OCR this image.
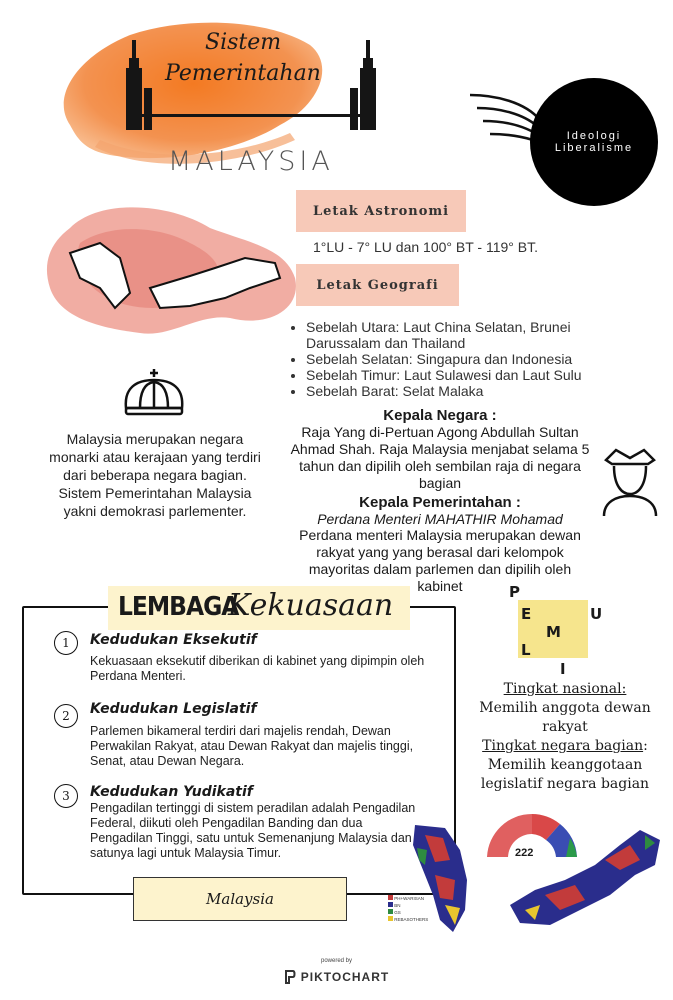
Sistem
Pemerintahan
MALAYSIA
Ideologi
Liberalisme
Letak Astronomi
1°LU - 7° LU dan 100° BT - 119° BT.
Letak Geografi
• Sebelah Utara: Laut China Selatan, Brunei Darussalam dan Thailand
• Sebelah Selatan: Singapura dan Indonesia
• Sebelah Timur: Laut Sulawesi dan Laut Sulu
• Sebelah Barat: Selat Malaka
Malaysia merupakan negara monarki atau kerajaan yang terdiri dari beberapa negara bagian. Sistem Pemerintahan Malaysia yakni demokrasi parlementer.
Kepala Negara :
Raja Yang di-Pertuan Agong Abdullah Sultan Ahmad Shah. Raja Malaysia menjabat selama 5 tahun dan dipilih oleh sembilan raja di negara bagian
Kepala Pemerintahan :
Perdana Menteri MAHATHIR Mohamad
Perdana menteri Malaysia merupakan dewan rakyat yang yang berasal dari kelompok mayoritas dalam parlemen dan dipilih oleh kabinet
LEMBAGA
Kekuasaan
1	Kedudukan Eksekutif
Kekuasaan eksekutif diberikan di kabinet yang dipimpin oleh Perdana Menteri.
2	Kedudukan Legislatif
Parlemen bikameral terdiri dari majelis rendah, Dewan Perwakilan Rakyat, atau Dewan Rakyat dan majelis tinggi, Senat, atau Dewan Negara.
3	Kedudukan Yudikatif
Pengadilan tertinggi di sistem peradilan adalah Pengadilan Federal, diikuti oleh Pengadilan Banding dan dua Pengadilan Tinggi, satu untuk Semenanjung Malaysia dan satunya lagi untuk Malaysia Timur.
Malaysia
P
E
M
U
L
I
Tingkat nasional:
Memilih anggota dewan rakyat
Tingkat negara bagian:
Memilih keanggotaan legislatif negara bagian
222
PH+WARISAN
BN
GS
REBASOTHERS
powered by
PIKTOCHART
